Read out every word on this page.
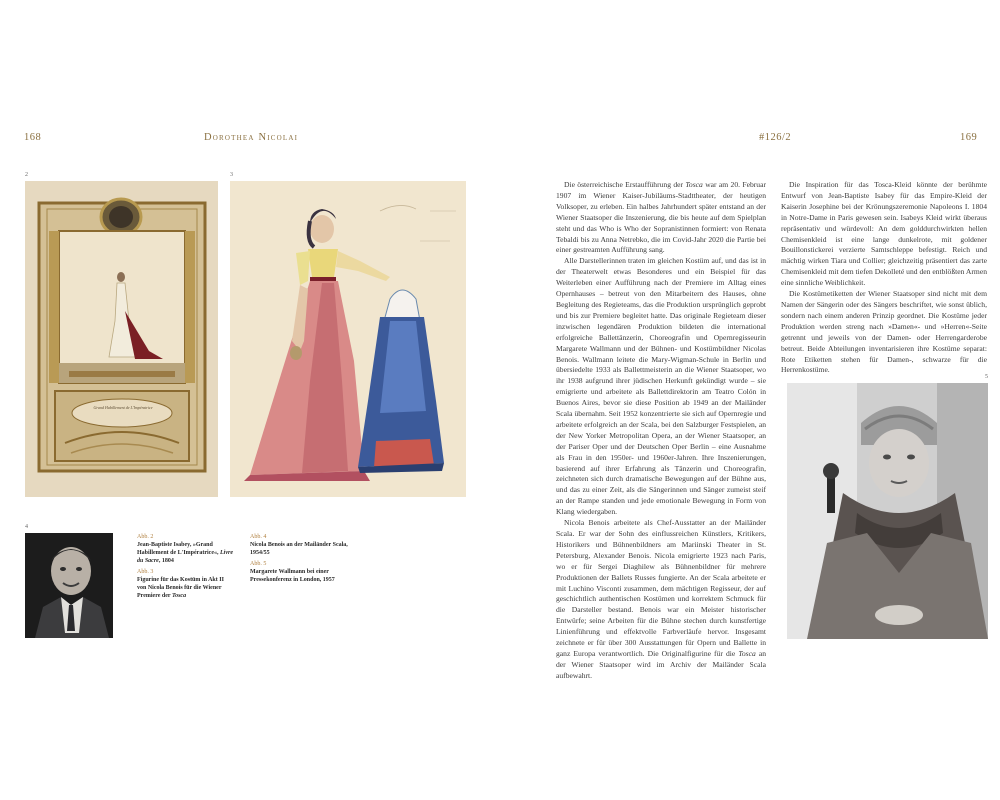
168	Dorothea Nicolai	#126/2	169
2	3
4
5
Grand Habillement de L'Impératrice
Abb. 2
Jean-Baptiste Isabey, »Grand Habillement de L'Impératrice«, Livre du Sacre, 1804
Abb. 3
Figurine für das Kostüm in Akt II von Nicola Benois für die Wiener Premiere der Tosca
Abb. 4
Nicola Benois an der Mailänder Scala, 1954/55
Abb. 5
Margarete Wallmann bei einer Pressekonferenz in London, 1957

Die österreichische Erstaufführung der Tosca war am 20. Februar 1907 im Wiener Kaiser-Jubiläums-Stadttheater, der heutigen Volksoper, zu erleben. Ein halbes Jahrhundert später entstand an der Wiener Staatsoper die Inszenierung, die bis heute auf dem Spielplan steht und das Who is Who der Sopranistinnen formiert: von Renata Tebaldi bis zu Anna Netrebko, die im Covid-Jahr 2020 die Partie bei einer gestreamten Aufführung sang.

Alle Darstellerinnen traten im gleichen Kostüm auf, und das ist in der Theaterwelt etwas Besonderes und ein Beispiel für das Weiterleben einer Aufführung nach der Premiere im Alltag eines Opernhauses – betreut von den Mitarbeitern des Hauses, ohne Begleitung des Regieteams, das die Produktion ursprünglich geprobt und bis zur Premiere begleitet hatte. Das originale Regieteam dieser inzwischen legendären Produktion bildeten die international erfolgreiche Ballettänzerin, Choreografin und Opernregisseurin Margarete Wallmann und der Bühnen- und Kostümbildner Nicolas Benois. Wallmann leitete die Mary-Wigman-Schule in Berlin und übersiedelte 1933 als Ballettmeisterin an die Wiener Staatsoper, wo ihr 1938 aufgrund ihrer jüdischen Herkunft gekündigt wurde – sie emigrierte und arbeitete als Ballettdirektorin am Teatro Colón in Buenos Aires, bevor sie diese Position ab 1949 an der Mailänder Scala übernahm. Seit 1952 konzentrierte sie sich auf Opernregie und arbeitete erfolgreich an der Scala, bei den Salzburger Festspielen, an der New Yorker Metropolitan Opera, an der Wiener Staatsoper, an der Pariser Oper und der Deutschen Oper Berlin – eine Ausnahme als Frau in den 1950er- und 1960er-Jahren. Ihre Inszenierungen, basierend auf ihrer Erfahrung als Tänzerin und Choreografin, zeichneten sich durch dramatische Bewegungen auf der Bühne aus, und das zu einer Zeit, als die Sängerinnen und Sänger zumeist steif an der Rampe standen und jede emotionale Bewegung in Form von Klang wiedergaben.

Nicola Benois arbeitete als Chef-Ausstatter an der Mailänder Scala. Er war der Sohn des einflussreichen Künstlers, Kritikers, Historikers und Bühnenbildners am Mariinski Theater in St. Petersburg, Alexander Benois. Nicola emigrierte 1923 nach Paris, wo er für Sergei Diaghilew als Bühnenbildner für mehrere Produktionen der Ballets Russes fungierte. An der Scala arbeitete er mit Luchino Visconti zusammen, dem mächtigen Regisseur, der auf geschichtlich authentischen Kostümen und korrektem Schmuck für die Darsteller bestand. Benois war ein Meister historischer Entwürfe; seine Arbeiten für die Bühne stechen durch kunstfertige Linienführung und effektvolle Farbverläufe hervor. Insgesamt zeichnete er für über 300 Ausstattungen für Opern und Ballette in ganz Europa verantwortlich. Die Originalfigurine für die Tosca an der Wiener Staatsoper wird im Archiv der Mailänder Scala aufbewahrt.

Die Inspiration für das Tosca-Kleid könnte der berühmte Entwurf von Jean-Baptiste Isabey für das Empire-Kleid der Kaiserin Josephine bei der Krönungszeremonie Napoleons I. 1804 in Notre-Dame in Paris gewesen sein. Isabeys Kleid wirkt überaus repräsentativ und würdevoll: An dem golddurchwirkten hellen Chemisenkleid ist eine lange dunkelrote, mit goldener Bouillonstickerei verzierte Samtschleppe befestigt. Reich und mächtig wirken Tiara und Collier; gleichzeitig präsentiert das zarte Chemisenkleid mit dem tiefen Dekolleté und den entblößten Armen eine sinnliche Weiblichkeit.

Die Kostümetiketten der Wiener Staatsoper sind nicht mit dem Namen der Sängerin oder des Sängers beschriftet, wie sonst üblich, sondern nach einem anderen Prinzip geordnet. Die Kostüme jeder Produktion werden streng nach »Damen«- und »Herren«-Seite getrennt und jeweils von der Damen- oder Herrengarderobe betreut. Beide Abteilungen inventarisieren ihre Kostüme separat: Rote Etiketten stehen für Damen-, schwarze für die Herrenkostüme.
